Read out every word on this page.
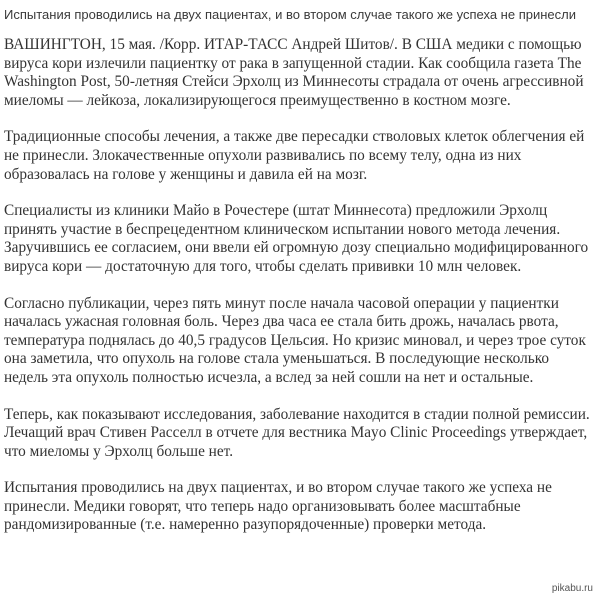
Испытания проводились на двух пациентах, и во втором случае такого же успеха не принесли

ВАШИНГТОН, 15 мая. /Корр. ИТАР-ТАСС Андрей Шитов/. В США медики с помощью вируса кори излечили пациентку от рака в запущенной стадии. Как сообщила газета The Washington Post, 50-летняя Стейси Эрхолц из Миннесоты страдала от очень агрессивной миеломы — лейкоза, локализирующегося преимущественно в костном мозге.

Традиционные способы лечения, а также две пересадки стволовых клеток облегчения ей не принесли. Злокачественные опухоли развивались по всему телу, одна из них образовалась на голове у женщины и давила ей на мозг.

Специалисты из клиники Майо в Рочестере (штат Миннесота) предложили Эрхолц принять участие в беспрецедентном клиническом испытании нового метода лечения. Заручившись ее согласием, они ввели ей огромную дозу специально модифицированного вируса кори — достаточную для того, чтобы сделать прививки 10 млн человек.

Согласно публикации, через пять минут после начала часовой операции у пациентки началась ужасная головная боль. Через два часа ее стала бить дрожь, началась рвота, температура поднялась до 40,5 градусов Цельсия. Но кризис миновал, и через трое суток она заметила, что опухоль на голове стала уменьшаться. В последующие несколько недель эта опухоль полностью исчезла, а вслед за ней сошли на нет и остальные.

Теперь, как показывают исследования, заболевание находится в стадии полной ремиссии. Лечащий врач Стивен Расселл в отчете для вестника Mayo Clinic Proceedings утверждает, что миеломы у Эрхолц больше нет.

Испытания проводились на двух пациентах, и во втором случае такого же успеха не принесли. Медики говорят, что теперь надо организовывать более масштабные рандомизированные (т.е. намеренно разупорядоченные) проверки метода.

pikabu.ru
